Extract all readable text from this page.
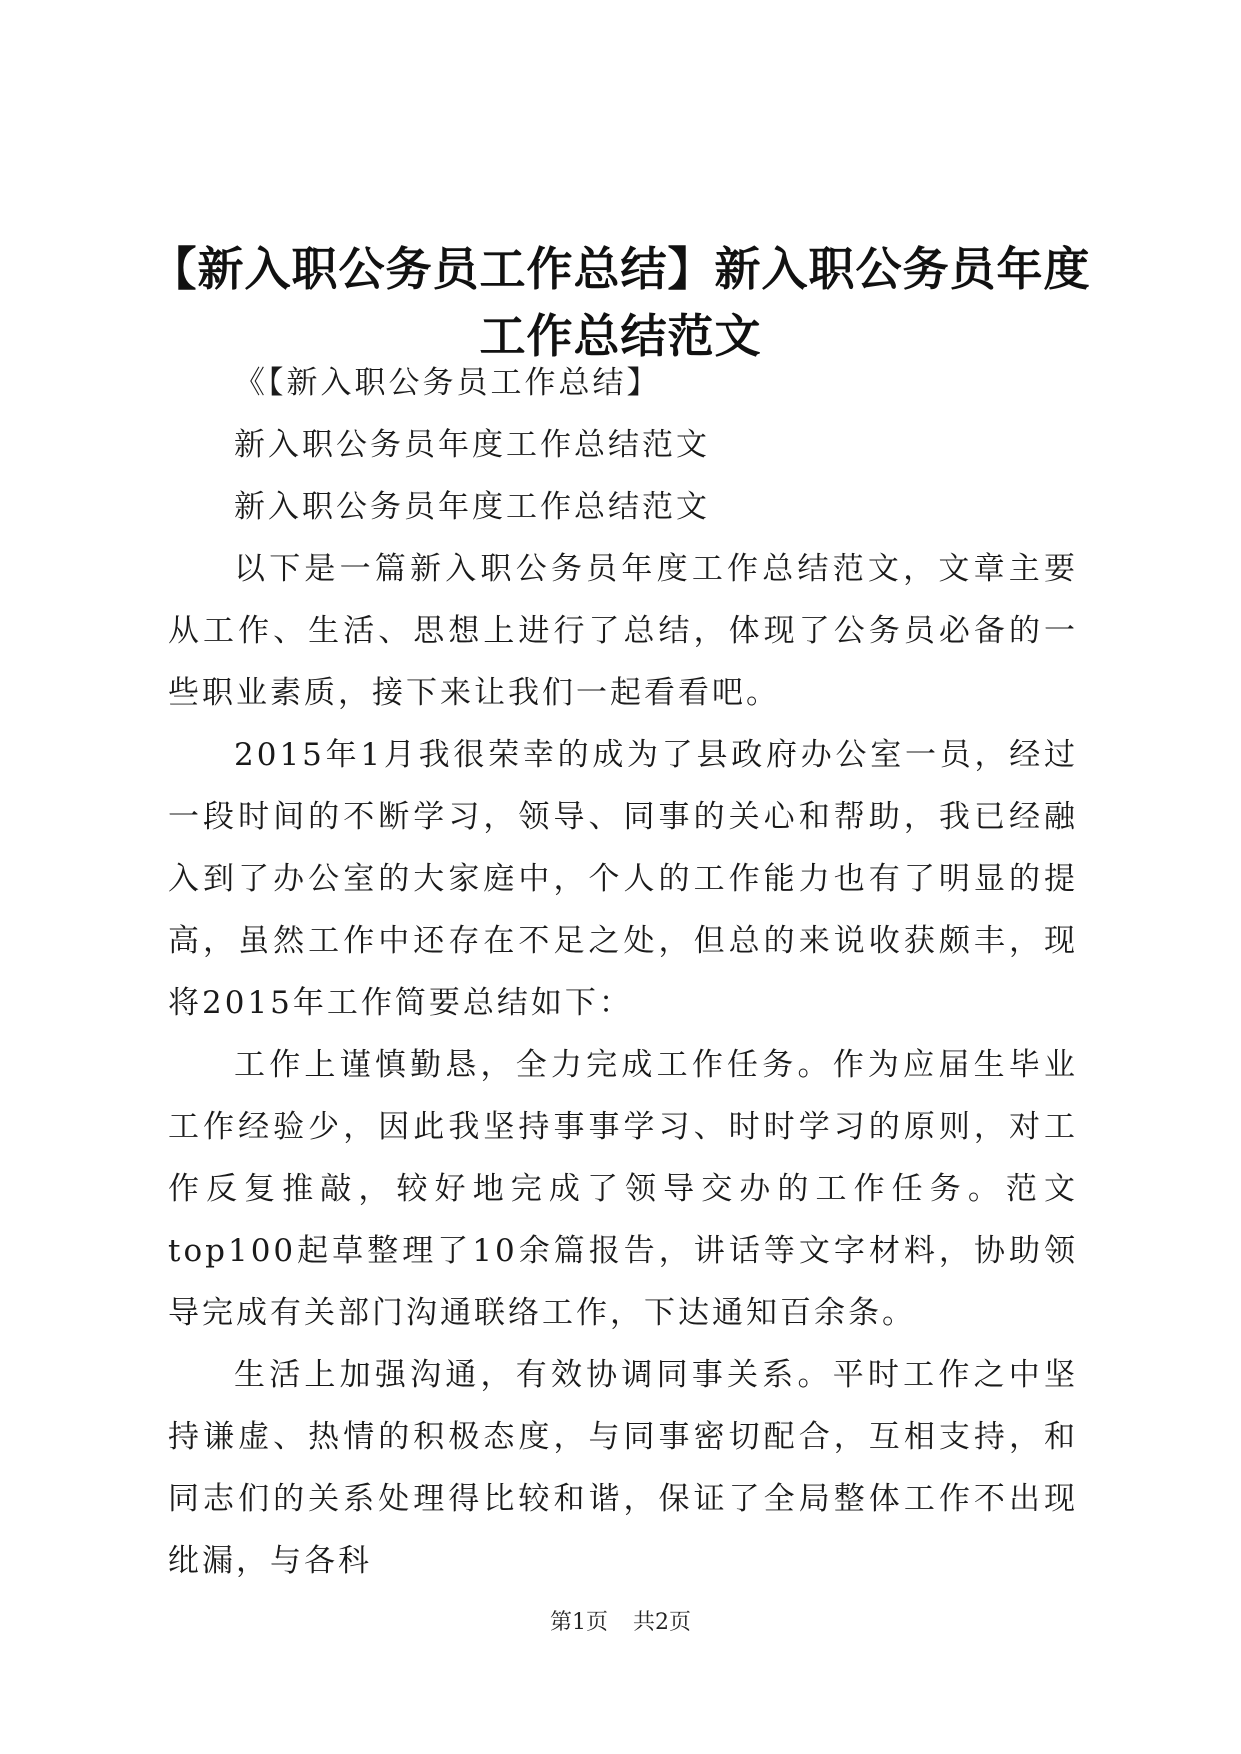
【新入职公务员工作总结】新入职公务员年度
工作总结范文

《【新入职公务员工作总结】

新入职公务员年度工作总结范文

新入职公务员年度工作总结范文

以下是一篇新入职公务员年度工作总结范文，文章主要从工作、生活、思想上进行了总结，体现了公务员必备的一些职业素质，接下来让我们一起看看吧。

2015年1月我很荣幸的成为了县政府办公室一员，经过一段时间的不断学习，领导、同事的关心和帮助，我已经融入到了办公室的大家庭中，个人的工作能力也有了明显的提高，虽然工作中还存在不足之处，但总的来说收获颇丰，现将2015年工作简要总结如下：

工作上谨慎勤恳，全力完成工作任务。作为应届生毕业工作经验少，因此我坚持事事学习、时时学习的原则，对工作反复推敲，较好地完成了领导交办的工作任务。范文top100起草整理了10余篇报告，讲话等文字材料，协助领导完成有关部门沟通联络工作，下达通知百余条。

生活上加强沟通，有效协调同事关系。平时工作之中坚持谦虚、热情的积极态度，与同事密切配合，互相支持，和同志们的关系处理得比较和谐，保证了全局整体工作不出现纰漏，与各科

第1页 共2页
